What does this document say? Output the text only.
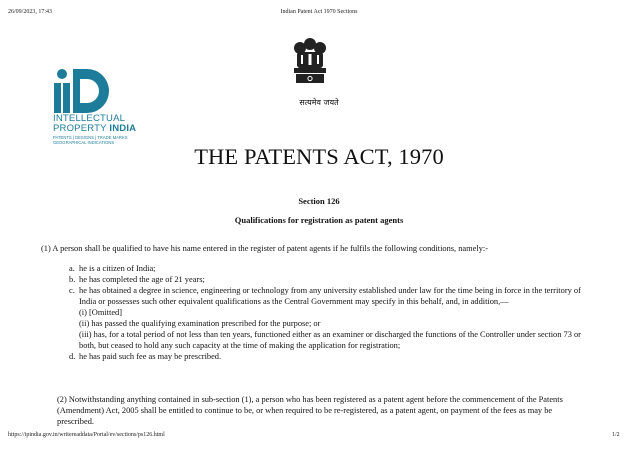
26/09/2023, 17:43	Indian Patent Act 1970 Sections
सत्यमेव जयते
INTELLECTUAL
PROPERTY INDIA
PATENTS | DESIGNS | TRADE MARKS
GEOGRAPHICAL INDICATIONS
THE PATENTS ACT, 1970
Section 126
Qualifications for registration as patent agents
(1) A person shall be qualified to have his name entered in the register of patent agents if he fulfils the following conditions, namely:-
a. he is a citizen of India;
b. he has completed the age of 21 years;
c. he has obtained a degree in science, engineering or technology from any university established under law for the time being in force in the territory of India or possesses such other equivalent qualifications as the Central Government may specify in this behalf, and, in addition,—
(i) [Omitted]
(ii) has passed the qualifying examination prescribed for the purpose; or
(iii) has, for a total period of not less than ten years, functioned either as an examiner or discharged the functions of the Controller under section 73 or both, but ceased to hold any such capacity at the time of making the application for registration;
d. he has paid such fee as may be prescribed.
(2) Notwithstanding anything contained in sub-section (1), a person who has been registered as a patent agent before the commencement of the Patents (Amendment) Act, 2005 shall be entitled to continue to be, or when required to be re-registered, as a patent agent, on payment of the fees as may be prescribed.
https://ipindia.gov.in/writereaddata/Portal/ev/sections/ps126.html	1/2
